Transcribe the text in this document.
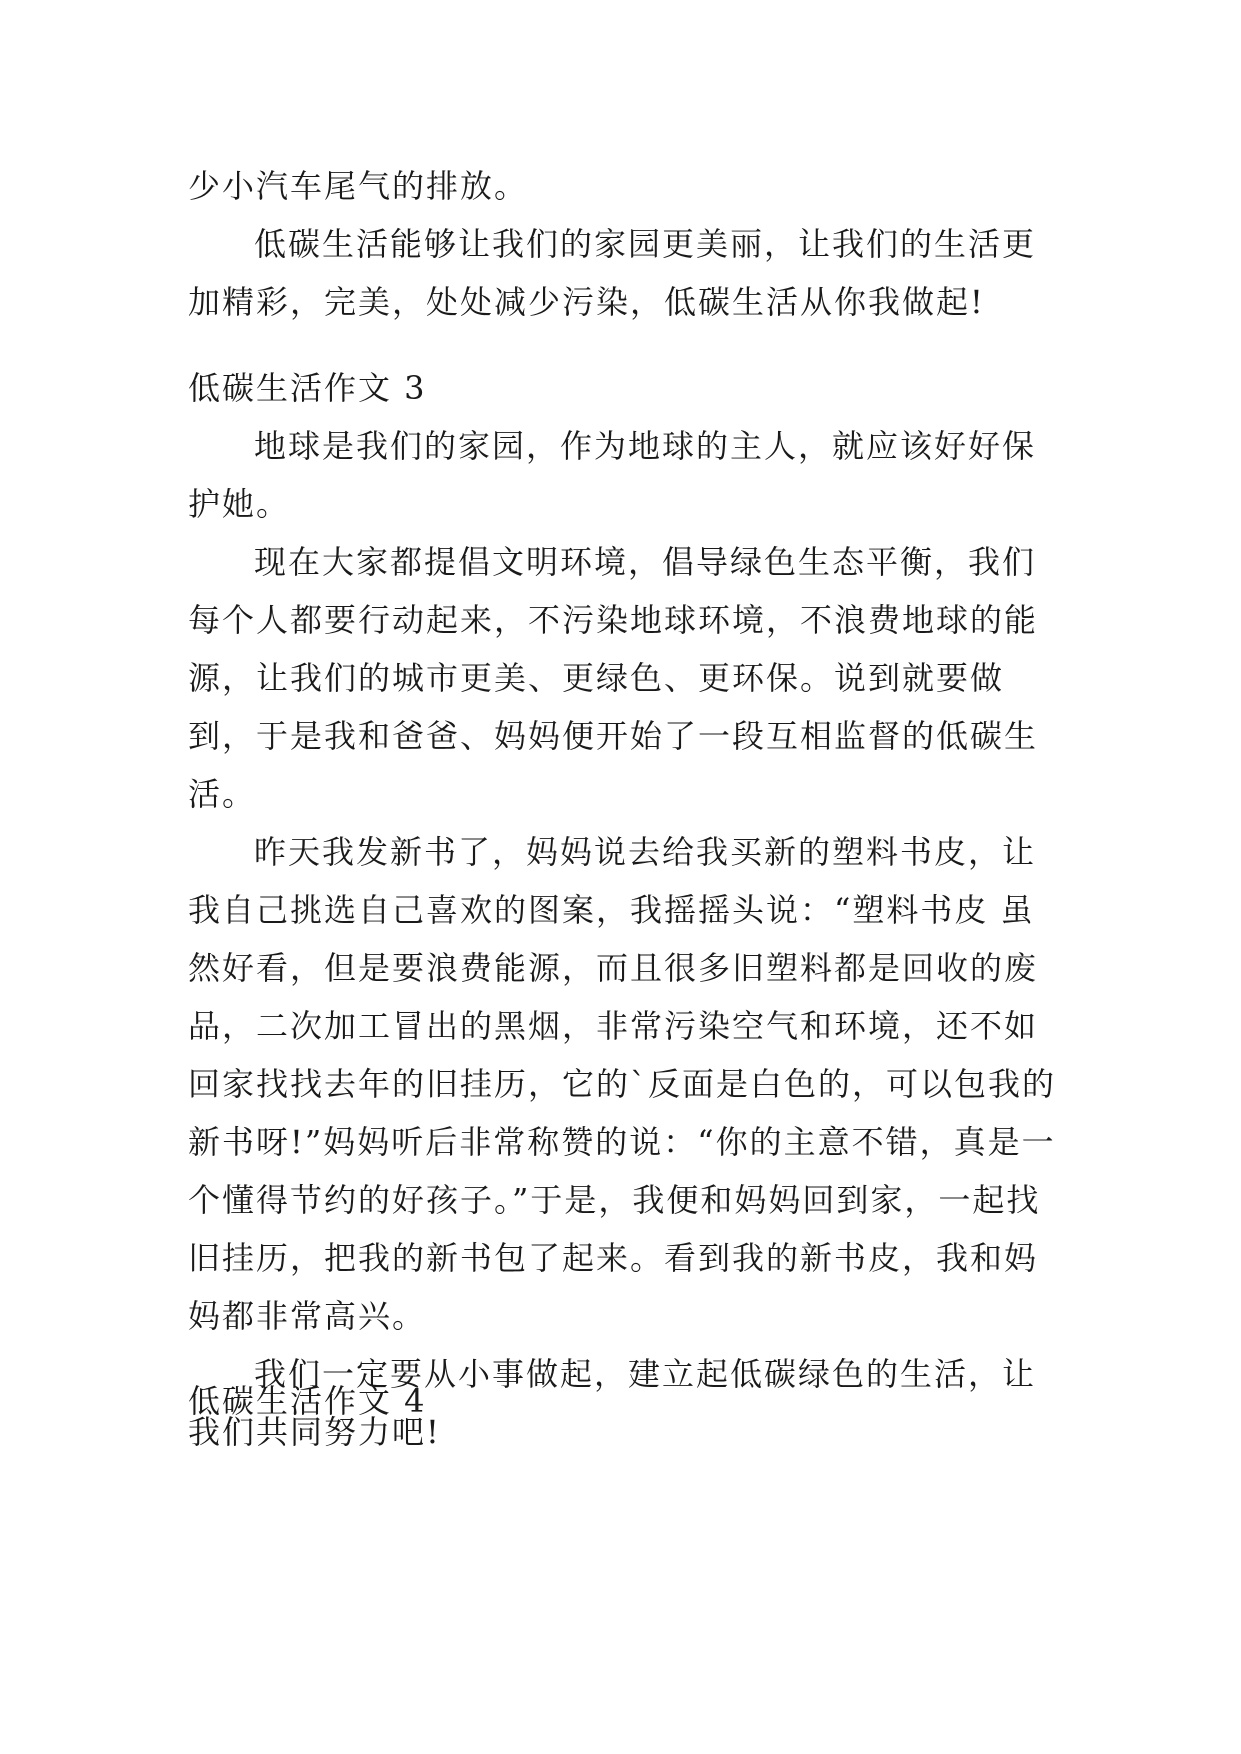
少小汽车尾气的排放。

低碳生活能够让我们的家园更美丽，让我们的生活更加精彩，完美，处处减少污染，低碳生活从你我做起!

低碳生活作文 3

地球是我们的家园，作为地球的主人，就应该好好保护她。

现在大家都提倡文明环境，倡导绿色生态平衡，我们每个人都要行动起来，不污染地球环境，不浪费地球的能源，让我们的城市更美、更绿色、更环保。说到就要做到，于是我和爸爸、妈妈便开始了一段互相监督的低碳生活。

昨天我发新书了，妈妈说去给我买新的塑料书皮，让我自己挑选自己喜欢的图案，我摇摇头说：“塑料书皮 虽然好看，但是要浪费能源，而且很多旧塑料都是回收的废品，二次加工冒出的黑烟，非常污染空气和环境，还不如回家找找去年的旧挂历，它的`反面是白色的，可以包我的新书呀!”妈妈听后非常称赞的说：“你的主意不错，真是一个懂得节约的好孩子。”于是，我便和妈妈回到家，一起找旧挂历，把我的新书包了起来。看到我的新书皮，我和妈妈都非常高兴。

我们一定要从小事做起，建立起低碳绿色的生活，让我们共同努力吧!

低碳生活作文 4
